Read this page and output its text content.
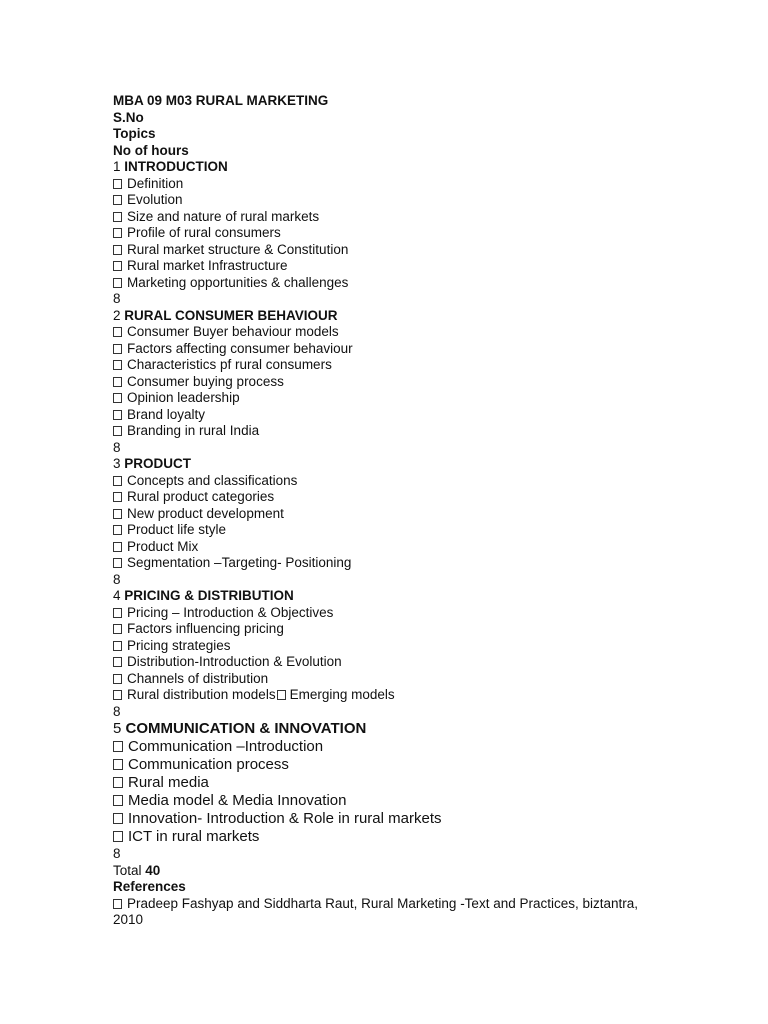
MBA 09 M03 RURAL MARKETING
S.No
Topics
No of hours
1 INTRODUCTION
Definition
Evolution
Size and nature of rural markets
Profile of rural consumers
Rural market structure & Constitution
Rural market Infrastructure
Marketing opportunities & challenges
8
2 RURAL CONSUMER BEHAVIOUR
Consumer Buyer behaviour models
Factors affecting consumer behaviour
Characteristics pf rural consumers
Consumer buying process
Opinion leadership
Brand loyalty
Branding in rural India
8
3 PRODUCT
Concepts and classifications
Rural product categories
New product development
Product life style
Product Mix
Segmentation –Targeting- Positioning
8
4 PRICING & DISTRIBUTION
Pricing – Introduction & Objectives
Factors influencing pricing
Pricing strategies
Distribution-Introduction & Evolution
Channels of distribution
Rural distribution models Emerging models
8
5 COMMUNICATION & INNOVATION
Communication –Introduction
Communication process
Rural media
Media model & Media Innovation
Innovation- Introduction & Role in rural markets
ICT in rural markets
8
Total 40
References
Pradeep Fashyap and Siddharta Raut, Rural Marketing -Text and Practices, biztantra, 2010
